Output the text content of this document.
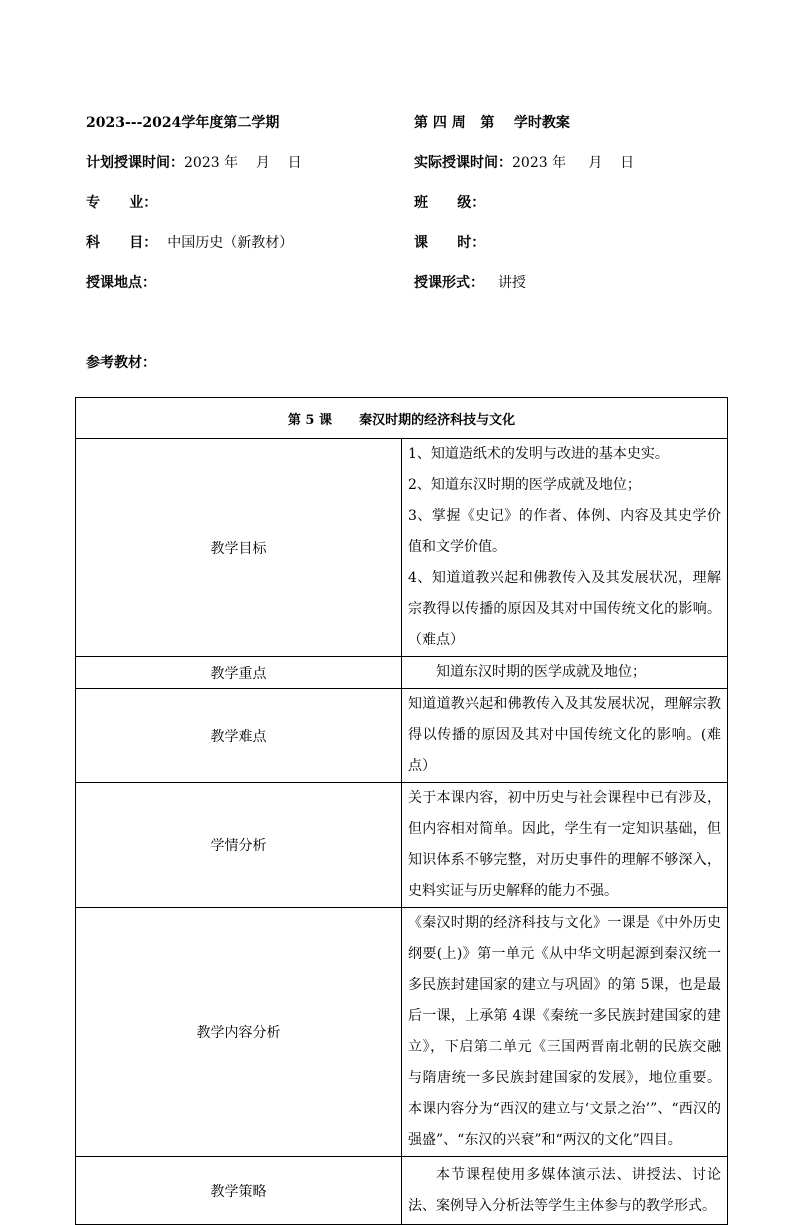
2023---2024学年度第二学期	第 四 周   第    学时教案
计划授课时间：2023 年    月    日	实际授课时间：2023 年     月    日
专      业：	班      级：
科      目： 中国历史（新教材）	课      时：
授课地点：	授课形式： 讲授
参考教材：
第 5 课      秦汉时期的经济科技与文化	
教学目标	1、知道造纸术的发明与改进的基本史实。
2、知道东汉时期的医学成就及地位；
3、掌握《史记》的作者、体例、内容及其史学价值和文学价值。
4、知道道教兴起和佛教传入及其发展状况，理解宗教得以传播的原因及其对中国传统文化的影响。（难点）

教学重点	知道东汉时期的医学成就及地位；

教学难点	知道道教兴起和佛教传入及其发展状况，理解宗教得以传播的原因及其对中国传统文化的影响。(难点）

学情分析	关于本课内容，初中历史与社会课程中已有涉及，但内容相对简单。因此，学生有一定知识基础，但知识体系不够完整，对历史事件的理解不够深入，史料实证与历史解释的能力不强。

教学内容分析	《秦汉时期的经济科技与文化》一课是《中外历史纲要(上)》第一单元《从中华文明起源到秦汉统一多民族封建国家的建立与巩固》的第 5课，也是最后一课，上承第 4课《秦统一多民族封建国家的建立》，下启第二单元《三国两晋南北朝的民族交融与隋唐统一多民族封建国家的发展》，地位重要。本课内容分为“西汉的建立与‘文景之治’”、“西汉的强盛”、“东汉的兴衰”和“两汉的文化”四目。

教学策略	本节课程使用多媒体演示法、讲授法、讨论法、案例导入分析法等学生主体参与的教学形式。
